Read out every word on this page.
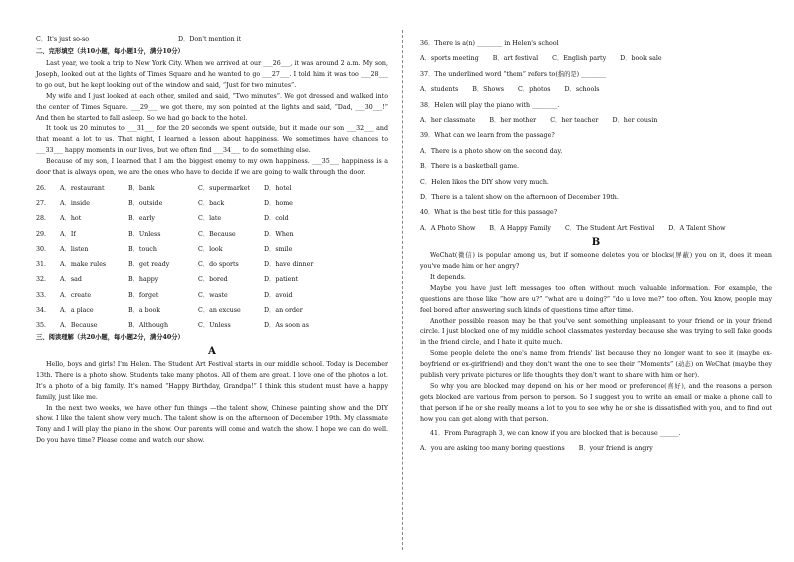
C．It's just so-so	D．Don't mention it

二、完形填空（共10小题，每小题1分，满分10分）

Last year, we took a trip to New York City. When we arrived at our ___26___, it was around 2 a.m. My son, Joseph, looked out at the lights of Times Square and he wanted to go ___27___. I told him it was too ___28___ to go out, but he kept looking out of the window and said, “Just for two minutes”.

My wife and I just looked at each other, smiled and said, “Two minutes”. We got dressed and walked into the center of Times Square. ___29___ we got there, my son pointed at the lights and said, “Dad, ___30___!” And then he started to fall asleep. So we had go back to the hotel.

It took us 20 minutes to ___31___ for the 20 seconds we spent outside, but it made our son ___32___ and that meant a lot to us. That night, I learned a lesson about happiness. We sometimes have chances to ___33___ happy moments in our lives, but we often find ___34___ to do something else.

Because of my son, I learned that I am the biggest enemy to my own happiness. ___35___ happiness is a door that is always open, we are the ones who have to decide if we are going to walk through the door.

26.	A．restaurant	B．bank	C．supermarket	D．hotel
27.	A．inside	B．outside	C．back	D．home
28.	A．hot	B．early	C．late	D．cold
29.	A．If	B．Unless	C．Because	D．When
30.	A．listen	B．touch	C．look	D．smile
31.	A．make rules	B．get ready	C．do sports	D．have dinner
32.	A．sad	B．happy	C．bored	D．patient
33.	A．create	B．forget	C．waste	D．avoid
34.	A．a place	B．a book	C．an excuse	D．an order
35.	A．Because	B．Although	C．Unless	D．As soon as

三、阅读理解（共20小题，每小题2分，满分40分）

A

Hello, boys and girls! I'm Helen. The Student Art Festival starts in our middle school. Today is December 13th. There is a photo show. Students take many photos. All of them are great. I love one of the photos a lot. It's a photo of a big family. It's named “Happy Birthday, Grandpa!” I think this student must have a happy family, just like me.

In the next two weeks, we have other fun things —the talent show, Chinese painting show and the DIY show. I like the talent show very much. The talent show is on the afternoon of December 19th. My classmate Tony and I will play the piano in the show. Our parents will come and watch the show. I hope we can do well. Do you have time? Please come and watch our show.

36．There is a(n) ________ in Helen's school

A．sports meeting B．art festival C．English party D．book sale

37．The underlined word “them” refers to(指的是) ________

A．students B．Shows C．photos D．schools

38．Helen will play the piano with ________.

A．her classmate B．her mother C．her teacher D．her cousin

39．What can we learn from the passage?

A．There is a photo show on the second day.

B．There is a basketball game.

C．Helen likes the DIY show very much.

D．There is a talent show on the afternoon of December 19th.

40．What is the best title for this passage?

A．A Photo Show B．A Happy Family C．The Student Art Festival D．A Talent Show
B

WeChat(微信) is popular among us, but if someone deletes you or blocks(屏蔽) you on it, does it mean you've made him or her angry?

It depends.

Maybe you have just left messages too often without much valuable information. For example, the questions are those like “how are u?” “what are u doing?” “do u love me?” too often. You know, people may feel bored after answering such kinds of questions time after time.

Another possible reason may be that you've sent something unpleasant to your friend or in your friend circle. I just blocked one of my middle school classmates yesterday because she was trying to sell fake goods in the friend circle, and I hate it quite much.

Some people delete the one's name from friends' list because they no longer want to see it (maybe ex-boyfriend or ex-girlfriend) and they don't want the one to see their “Moments” (动态) on WeChat (maybe they publish very private pictures or life thoughts they don't want to share with him or her).

So why you are blocked may depend on his or her mood or preference(喜好), and the reasons a person gets blocked are various from person to person. So I suggest you to write an email or make a phone call to that person if he or she really means a lot to you to see why he or she is dissatisfied with you, and to find out how you can get along with that person.

41．From Paragraph 3, we can know if you are blocked that is because ______.

A．you are asking too many boring questions B．your friend is angry
